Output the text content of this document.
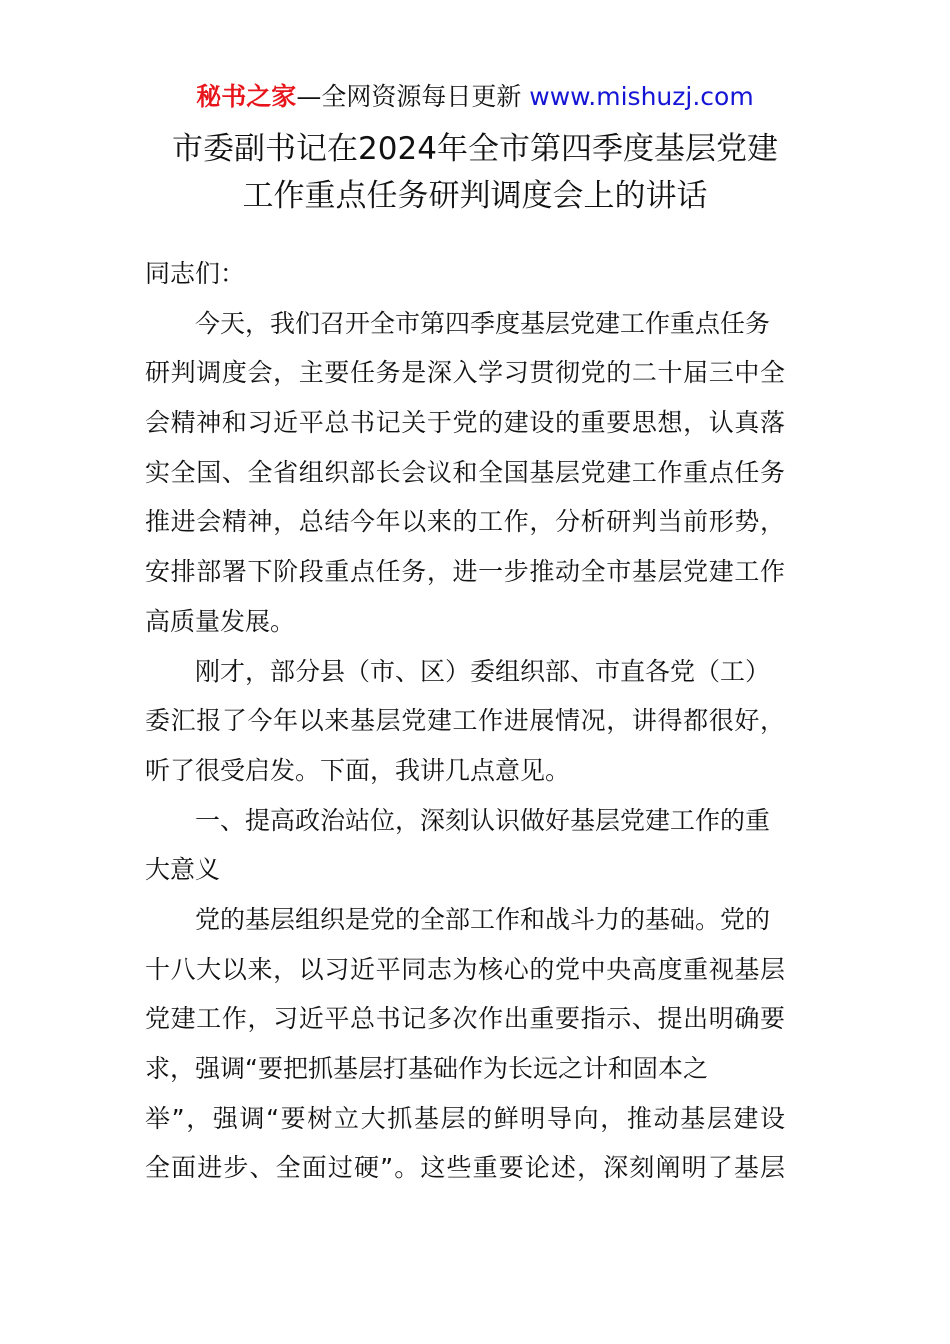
秘书之家—全网资源每日更新 www.mishuzj.com
市委副书记在2024年全市第四季度基层党建
工作重点任务研判调度会上的讲话
同志们：
今天，我们召开全市第四季度基层党建工作重点任务
研判调度会，主要任务是深入学习贯彻党的二十届三中全
会精神和习近平总书记关于党的建设的重要思想，认真落
实全国、全省组织部长会议和全国基层党建工作重点任务
推进会精神，总结今年以来的工作，分析研判当前形势，
安排部署下阶段重点任务，进一步推动全市基层党建工作
高质量发展。
刚才，部分县（市、区）委组织部、市直各党（工）
委汇报了今年以来基层党建工作进展情况，讲得都很好，
听了很受启发。下面，我讲几点意见。
一、提高政治站位，深刻认识做好基层党建工作的重
大意义
党的基层组织是党的全部工作和战斗力的基础。党的
十八大以来，以习近平同志为核心的党中央高度重视基层
党建工作，习近平总书记多次作出重要指示、提出明确要
求，强调“要把抓基层打基础作为长远之计和固本之
举”，强调“要树立大抓基层的鲜明导向，推动基层建设
全面进步、全面过硬”。这些重要论述，深刻阐明了基层
